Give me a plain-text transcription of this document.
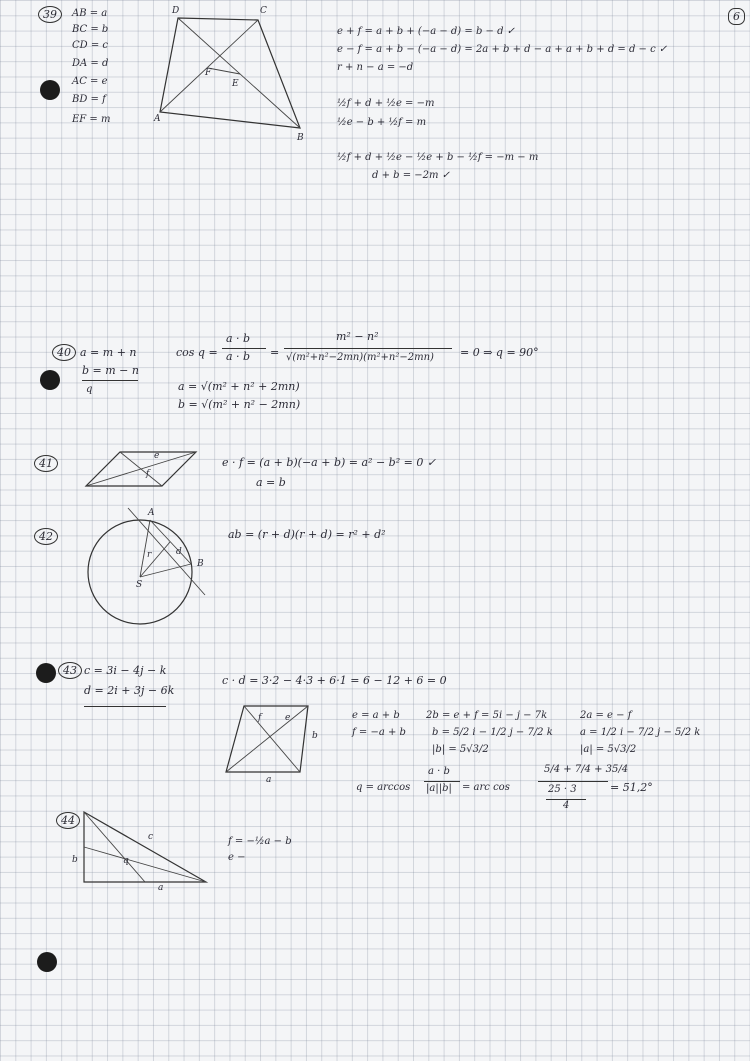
6
39	AB = a
BC = b
CD = c
DA = d
AC = e
BD = f
EF = m
D	C
A
B
F
E
e + f = a + b + (−a − d) = b − d ✓
e − f = a + b − (−a − d) = 2a + b + d − a + a + b + d = d − c ✓
r + n − a = −d
½f + d + ½e = −m
½e − b + ½f = m
½f + d + ½e − ½e + b − ½f = −m − m
d + b = −2m ✓
40 a = m + n
b = m − n
q
cos q =
a · b
a · b =
m² − n²
√(m²+n²−2mn)(m²+n²−2mn) = 0 ⇒ q = 90°
a = √(m² + n² + 2mn)
b = √(m² + n² − 2mn)
41
e
f
e · f = (a + b)(−a + b) = a² − b² = 0 ✓
a = b
42
A
B
S
r	d
ab = (r + d)(r + d) = r² + d²
43 c = 3i − 4j − k
d = 2i + 3j − 6k
c · d = 3·2 − 4·3 + 6·1 = 6 − 12 + 6 = 0
a
b
e
f	e = a + b
f = −a + b
2b = e + f = 5i − j − 7k
b = 5/2 i − 1/2 j − 7/2 k
|b| = 5√3/2
2a = e − f
a = 1/2 i − 7/2 j − 5/2 k
|a| = 5√3/2
q = arccos
a · b
|a||b| = arc cos
5/4 + 7/4 + 35/4
25 · 3
4
= 51,2°
44
c
b
a
q
f = −½a − b
e −
